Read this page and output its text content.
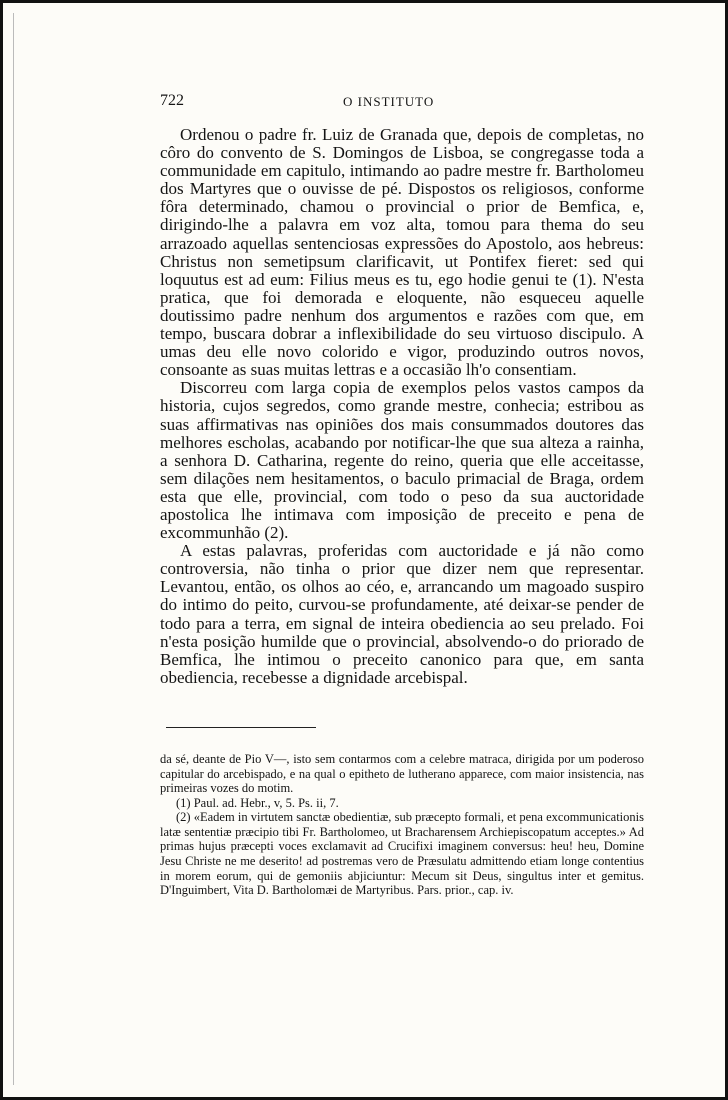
722	O INSTITUTO

Ordenou o padre fr. Luiz de Granada que, depois de completas, no côro do convento de S. Domingos de Lisboa, se congregasse toda a communidade em capitulo, intimando ao padre mestre fr. Bartholomeu dos Martyres que o ouvisse de pé. Dispostos os religiosos, conforme fôra determinado, chamou o provincial o prior de Bemfica, e, dirigindo-lhe a palavra em voz alta, tomou para thema do seu arrazoado aquellas sentenciosas expressões do Apostolo, aos hebreus: Christus non semetipsum clarificavit, ut Pontifex fieret: sed qui loquutus est ad eum: Filius meus es tu, ego hodie genui te (1). N'esta pratica, que foi demorada e eloquente, não esqueceu aquelle doutissimo padre nenhum dos argumentos e razões com que, em tempo, buscara dobrar a inflexibilidade do seu virtuoso discipulo. A umas deu elle novo colorido e vigor, produzindo outros novos, consoante as suas muitas lettras e a occasião lh'o consentiam.

Discorreu com larga copia de exemplos pelos vastos campos da historia, cujos segredos, como grande mestre, conhecia; estribou as suas affirmativas nas opiniões dos mais consummados doutores das melhores escholas, acabando por notificar-lhe que sua alteza a rainha, a senhora D. Catharina, regente do reino, queria que elle acceitasse, sem dilações nem hesitamentos, o baculo primacial de Braga, ordem esta que elle, provincial, com todo o peso da sua auctoridade apostolica lhe intimava com imposição de preceito e pena de excommunhão (2).

A estas palavras, proferidas com auctoridade e já não como controversia, não tinha o prior que dizer nem que representar. Levantou, então, os olhos ao céo, e, arrancando um magoado suspiro do intimo do peito, curvou-se profundamente, até deixar-se pender de todo para a terra, em signal de inteira obediencia ao seu prelado. Foi n'esta posição humilde que o provincial, absolvendo-o do priorado de Bemfica, lhe intimou o preceito canonico para que, em santa obediencia, recebesse a dignidade arcebispal.

da sé, deante de Pio V—, isto sem contarmos com a celebre matraca, dirigida por um poderoso capitular do arcebispado, e na qual o epitheto de lutherano apparece, com maior insistencia, nas primeiras vozes do motim.

(1) Paul. ad. Hebr., v, 5. Ps. ii, 7.

(2) «Eadem in virtutem sanctæ obedientiæ, sub præcepto formali, et pena excommunicationis latæ sententiæ præcipio tibi Fr. Bartholomeo, ut Bracharensem Archiepiscopatum acceptes.» Ad primas hujus præcepti voces exclamavit ad Crucifixi imaginem conversus: heu! heu, Domine Jesu Christe ne me deserito! ad postremas vero de Præsulatu admittendo etiam longe contentius in morem eorum, qui de gemoniis abjiciuntur: Mecum sit Deus, singultus inter et gemitus. D'Inguimbert, Vita D. Bartholomæi de Martyribus. Pars. prior., cap. iv.
